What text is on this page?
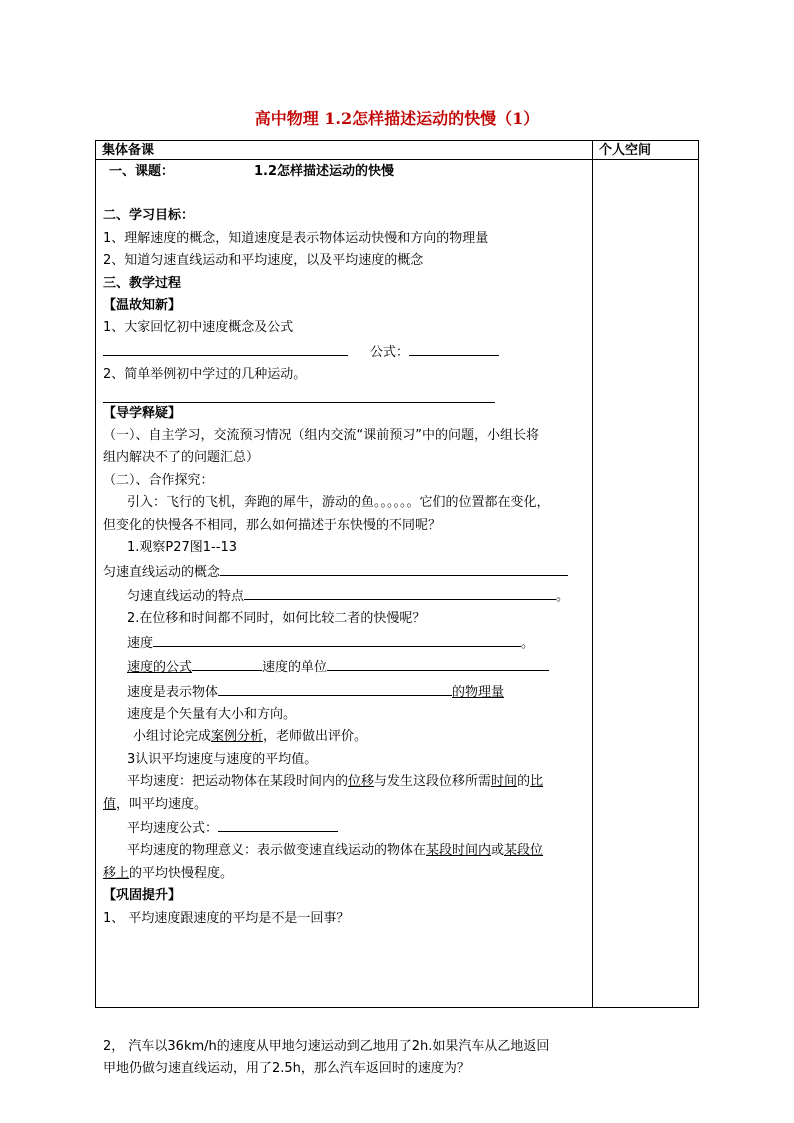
高中物理 1.2怎样描述运动的快慢（1）
集体备课	个人空间

一、课题：	1.2怎样描述运动的快慢

二、学习目标：

1、理解速度的概念，知道速度是表示物体运动快慢和方向的物理量

2、知道匀速直线运动和平均速度，以及平均速度的概念

三、教学过程

【温故知新】

1、大家回忆初中速度概念及公式

公式：

2、简单举例初中学过的几种运动。

【导学释疑】

（一）、自主学习，交流预习情况（组内交流“课前预习”中的问题，小组长将

组内解决不了的问题汇总）

（二）、合作探究：

引入：飞行的飞机，奔跑的犀牛，游动的鱼。。。。。。它们的位置都在变化，

但变化的快慢各不相同，那么如何描述于东快慢的不同呢？

1.观察P27图1--13

匀速直线运动的概念

匀速直线运动的特点	。

2.在位移和时间都不同时，如何比较二者的快慢呢？

速度	。

速度的公式	速度的单位

速度是表示物体	的物理量

速度是个矢量有大小和方向。

小组讨论完成案例分析，老师做出评价。

3认识平均速度与速度的平均值。

平均速度：把运动物体在某段时间内的位移与发生这段位移所需时间的比

值，叫平均速度。

平均速度公式：

平均速度的物理意义：表示做变速直线运动的物体在某段时间内或某段位

移上的平均快慢程度。

【巩固提升】

1、 平均速度跟速度的平均是不是一回事？

2， 汽车以36km/h的速度从甲地匀速运动到乙地用了2h.如果汽车从乙地返回

甲地仍做匀速直线运动，用了2.5h，那么汽车返回时的速度为？
